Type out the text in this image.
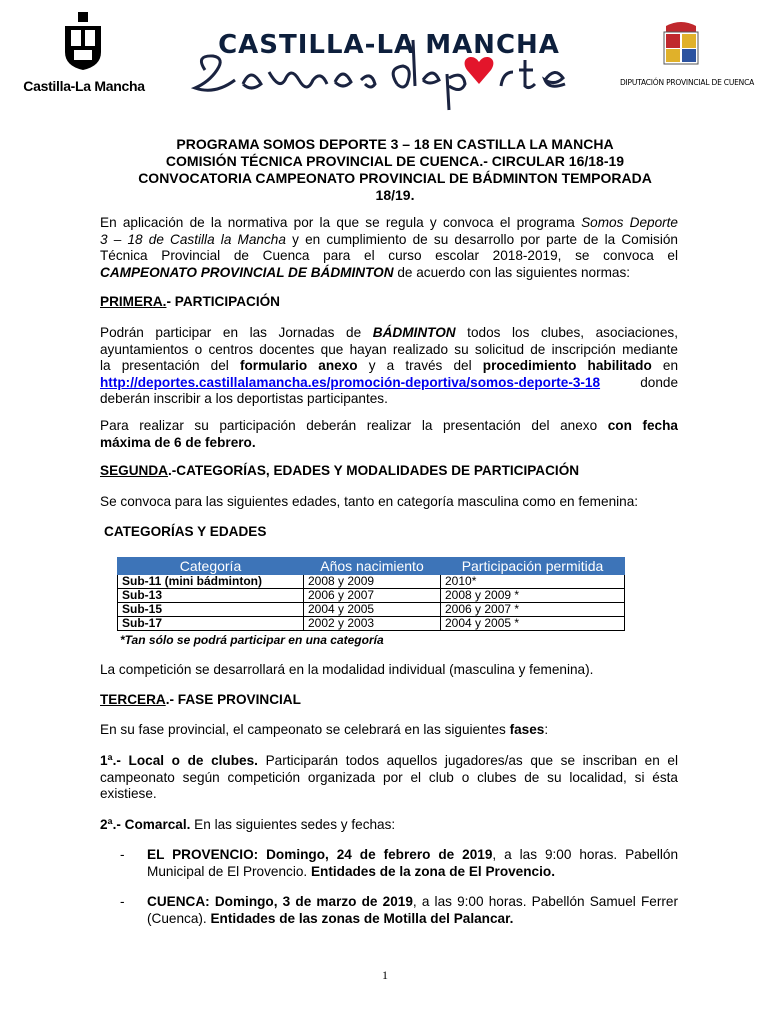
Castilla-La Mancha
CASTILLA-LA MANCHA
DIPUTACIÓN PROVINCIAL DE CUENCA
PROGRAMA SOMOS DEPORTE 3 – 18 EN CASTILLA LA MANCHA
COMISIÓN TÉCNICA PROVINCIAL DE CUENCA.- CIRCULAR 16/18-19
CONVOCATORIA CAMPEONATO PROVINCIAL DE BÁDMINTON TEMPORADA
18/19.
En aplicación de la normativa por la que se regula y convoca el programa Somos Deporte
3 – 18 de Castilla la Mancha y en cumplimiento de su desarrollo por parte de la Comisión
Técnica Provincial de Cuenca para el curso escolar 2018-2019, se convoca el
CAMPEONATO PROVINCIAL DE BÁDMINTON de acuerdo con las siguientes normas:
PRIMERA.- PARTICIPACIÓN
Podrán participar en las Jornadas de BÁDMINTON todos los clubes, asociaciones,
ayuntamientos o centros docentes que hayan realizado su solicitud de inscripción mediante
la presentación del formulario anexo y a través del procedimiento habilitado en
http://deportes.castillalamancha.es/promoción-deportiva/somos-deporte-3-18 donde
deberán inscribir a los deportistas participantes.
Para realizar su participación deberán realizar la presentación del anexo con fecha
máxima de 6 de febrero.
SEGUNDA.-CATEGORÍAS, EDADES Y MODALIDADES DE PARTICIPACIÓN
Se convoca para las siguientes edades, tanto en categoría masculina como en femenina:
CATEGORÍAS Y EDADES
Categoría	Años nacimiento	Participación permitida
Sub-11 (mini bádminton)	2008 y 2009	2010*
Sub-13	2006 y 2007	2008 y 2009 *
Sub-15	2004 y 2005	2006 y 2007 *
Sub-17	2002 y 2003	2004 y 2005 *
*Tan sólo se podrá participar en una categoría
La competición se desarrollará en la modalidad individual (masculina y femenina).
TERCERA.- FASE PROVINCIAL
En su fase provincial, el campeonato se celebrará en las siguientes fases:
1ª.- Local o de clubes. Participarán todos aquellos jugadores/as que se inscriban en el
campeonato según competición organizada por el club o clubes de su localidad, si ésta
existiese.
2ª.- Comarcal. En las siguientes sedes y fechas:
- EL PROVENCIO: Domingo, 24 de febrero de 2019, a las 9:00 horas. Pabellón Municipal de El Provencio. Entidades de la zona de El Provencio.
- CUENCA: Domingo, 3 de marzo de 2019, a las 9:00 horas. Pabellón Samuel Ferrer (Cuenca). Entidades de las zonas de Motilla del Palancar.
1
